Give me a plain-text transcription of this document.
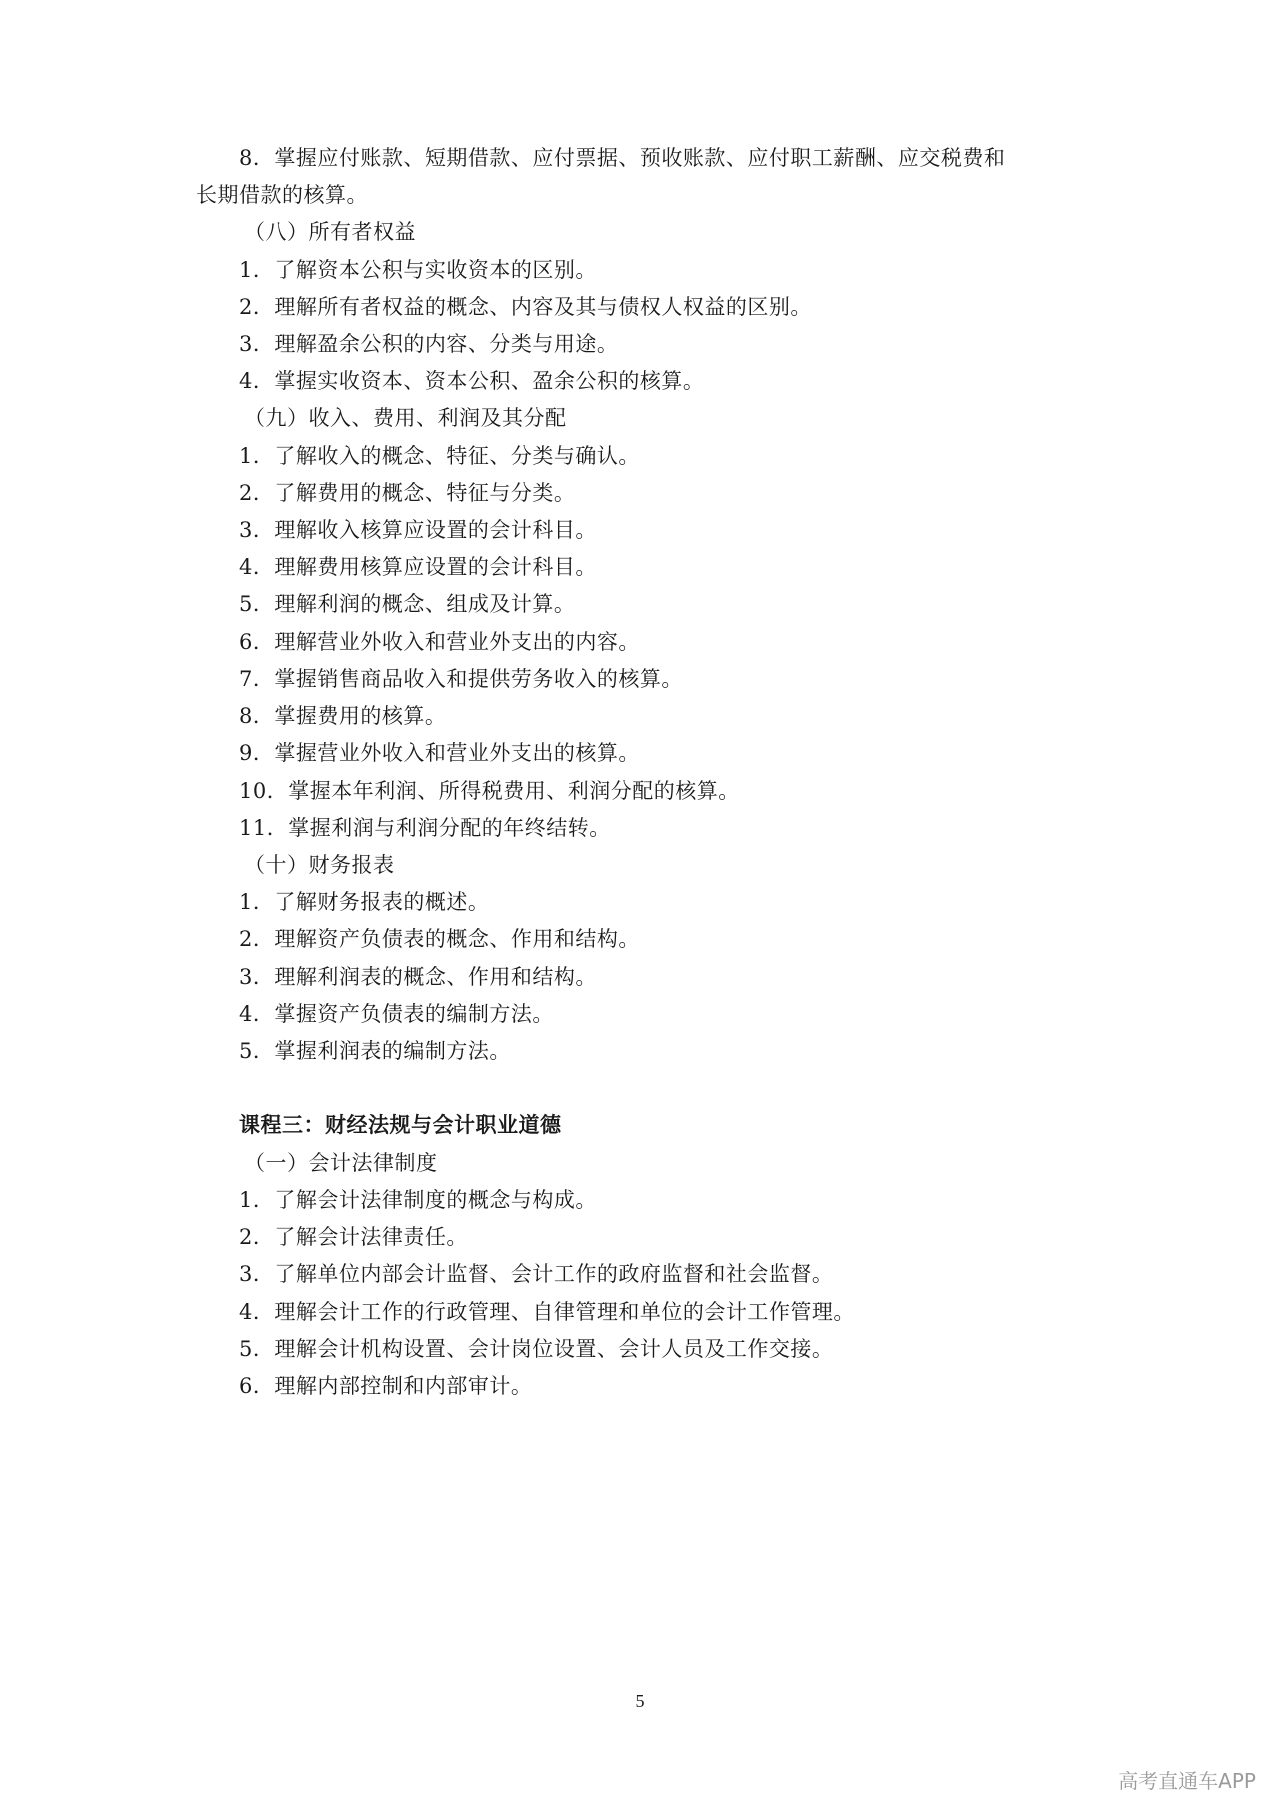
8．掌握应付账款、短期借款、应付票据、预收账款、应付职工薪酬、应交税费和
长期借款的核算。
（八）所有者权益
1．了解资本公积与实收资本的区别。
2．理解所有者权益的概念、内容及其与债权人权益的区别。
3．理解盈余公积的内容、分类与用途。
4．掌握实收资本、资本公积、盈余公积的核算。
（九）收入、费用、利润及其分配
1．了解收入的概念、特征、分类与确认。
2．了解费用的概念、特征与分类。
3．理解收入核算应设置的会计科目。
4．理解费用核算应设置的会计科目。
5．理解利润的概念、组成及计算。
6．理解营业外收入和营业外支出的内容。
7．掌握销售商品收入和提供劳务收入的核算。
8．掌握费用的核算。
9．掌握营业外收入和营业外支出的核算。
10．掌握本年利润、所得税费用、利润分配的核算。
11．掌握利润与利润分配的年终结转。
（十）财务报表
1．了解财务报表的概述。
2．理解资产负债表的概念、作用和结构。
3．理解利润表的概念、作用和结构。
4．掌握资产负债表的编制方法。
5．掌握利润表的编制方法。
课程三：财经法规与会计职业道德
（一）会计法律制度
1．了解会计法律制度的概念与构成。
2．了解会计法律责任。
3．了解单位内部会计监督、会计工作的政府监督和社会监督。
4．理解会计工作的行政管理、自律管理和单位的会计工作管理。
5．理解会计机构设置、会计岗位设置、会计人员及工作交接。
6．理解内部控制和内部审计。
5
高考直通车APP
